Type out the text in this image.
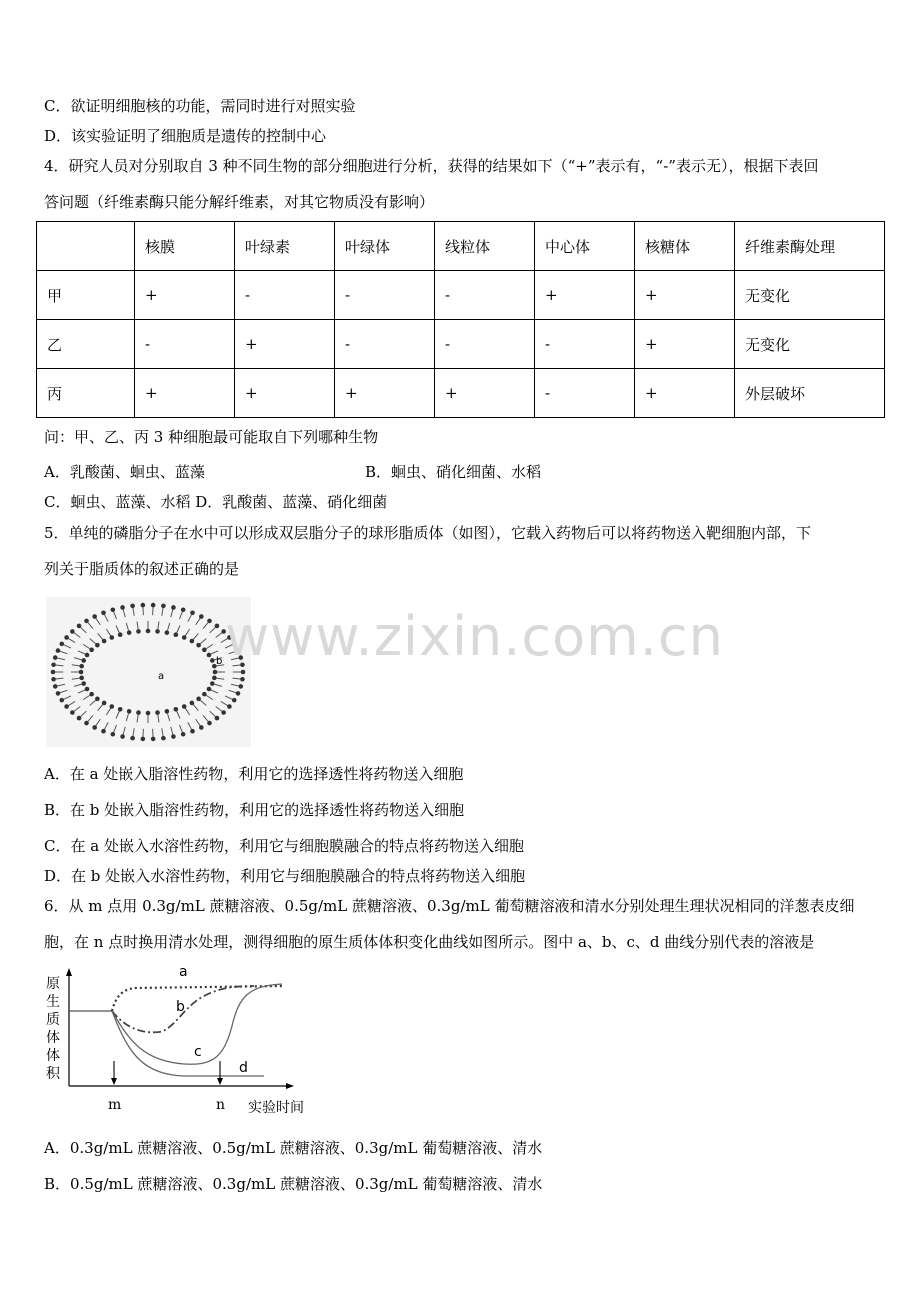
C．欲证明细胞核的功能，需同时进行对照实验
D．该实验证明了细胞质是遗传的控制中心
4．研究人员对分别取自 3 种不同生物的部分细胞进行分析，获得的结果如下（“+”表示有，“-”表示无），根据下表回
答问题（纤维素酶只能分解纤维素，对其它物质没有影响）
	核膜	叶绿素	叶绿体	线粒体	中心体	核糖体	纤维素酶处理
甲	+	-	-	-	+	+	无变化
乙	-	+	-	-	-	+	无变化
丙	+	+	+	+	-	+	外层破坏
问：甲、乙、丙 3 种细胞最可能取自下列哪种生物
A．乳酸菌、蛔虫、蓝藻	B．蛔虫、硝化细菌、水稻
C．蛔虫、蓝藻、水稻 D．乳酸菌、蓝藻、硝化细菌
5．单纯的磷脂分子在水中可以形成双层脂分子的球形脂质体（如图），它载入药物后可以将药物送入靶细胞内部，下
列关于脂质体的叙述正确的是
a
b www.zixin.com.cn
A．在 a 处嵌入脂溶性药物，利用它的选择透性将药物送入细胞
B．在 b 处嵌入脂溶性药物，利用它的选择透性将药物送入细胞
C．在 a 处嵌入水溶性药物，利用它与细胞膜融合的特点将药物送入细胞
D．在 b 处嵌入水溶性药物，利用它与细胞膜融合的特点将药物送入细胞
6．从 m 点用 0.3g/mL 蔗糖溶液、0.5g/mL 蔗糖溶液、0.3g/mL 葡萄糖溶液和清水分别处理生理状况相同的洋葱表皮细
胞，在 n 点时换用清水处理，测得细胞的原生质体体积变化曲线如图所示。图中 a、b、c、d 曲线分别代表的溶液是
原
生
质
体
体
积
a
b
c
d
m	n 实验时间
A．0.3g/mL 蔗糖溶液、0.5g/mL 蔗糖溶液、0.3g/mL 葡萄糖溶液、清水
B．0.5g/mL 蔗糖溶液、0.3g/mL 蔗糖溶液、0.3g/mL 葡萄糖溶液、清水
